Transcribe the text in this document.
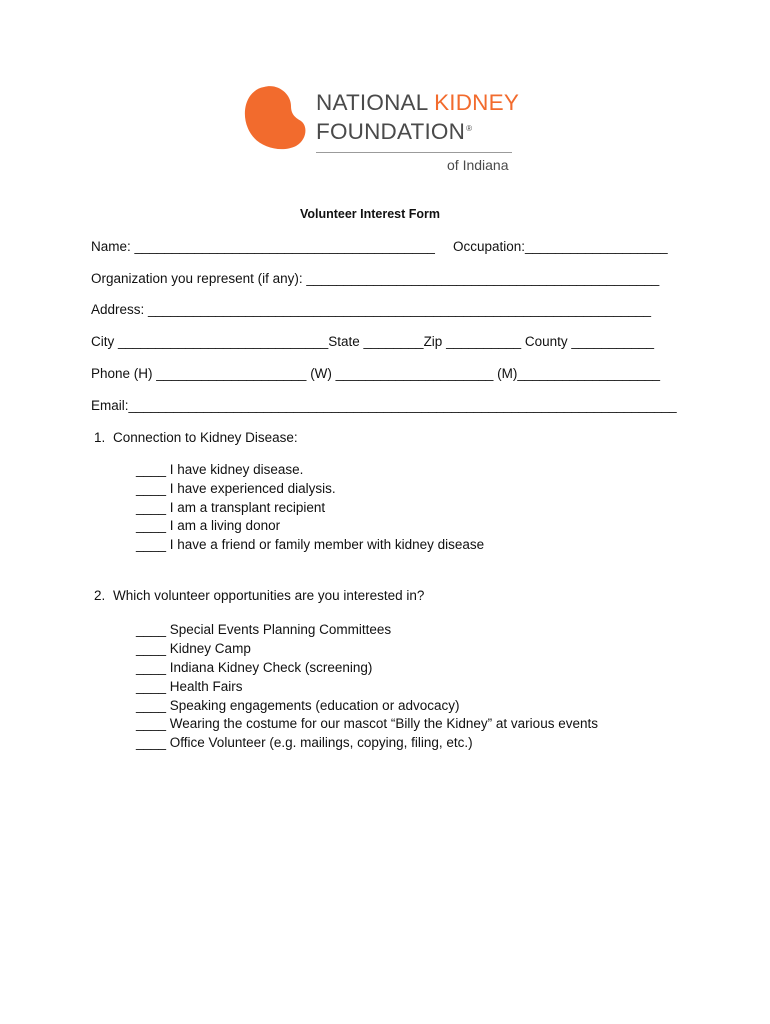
NATIONAL KIDNEY
FOUNDATION®
of Indiana
Volunteer Interest Form
Name: ________________________________________ Occupation:___________________
Organization you represent (if any): _______________________________________________
Address: ___________________________________________________________________
City ____________________________State ________Zip __________ County ___________
Phone (H) ____________________ (W) _____________________ (M)___________________
Email:_________________________________________________________________________
1. Connection to Kidney Disease:
____ I have kidney disease.
____ I have experienced dialysis.
____ I am a transplant recipient
____ I am a living donor
____ I have a friend or family member with kidney disease
2. Which volunteer opportunities are you interested in?
____ Special Events Planning Committees
____ Kidney Camp
____ Indiana Kidney Check (screening)
____ Health Fairs
____ Speaking engagements (education or advocacy)
____ Wearing the costume for our mascot “Billy the Kidney” at various events
____ Office Volunteer (e.g. mailings, copying, filing, etc.)
